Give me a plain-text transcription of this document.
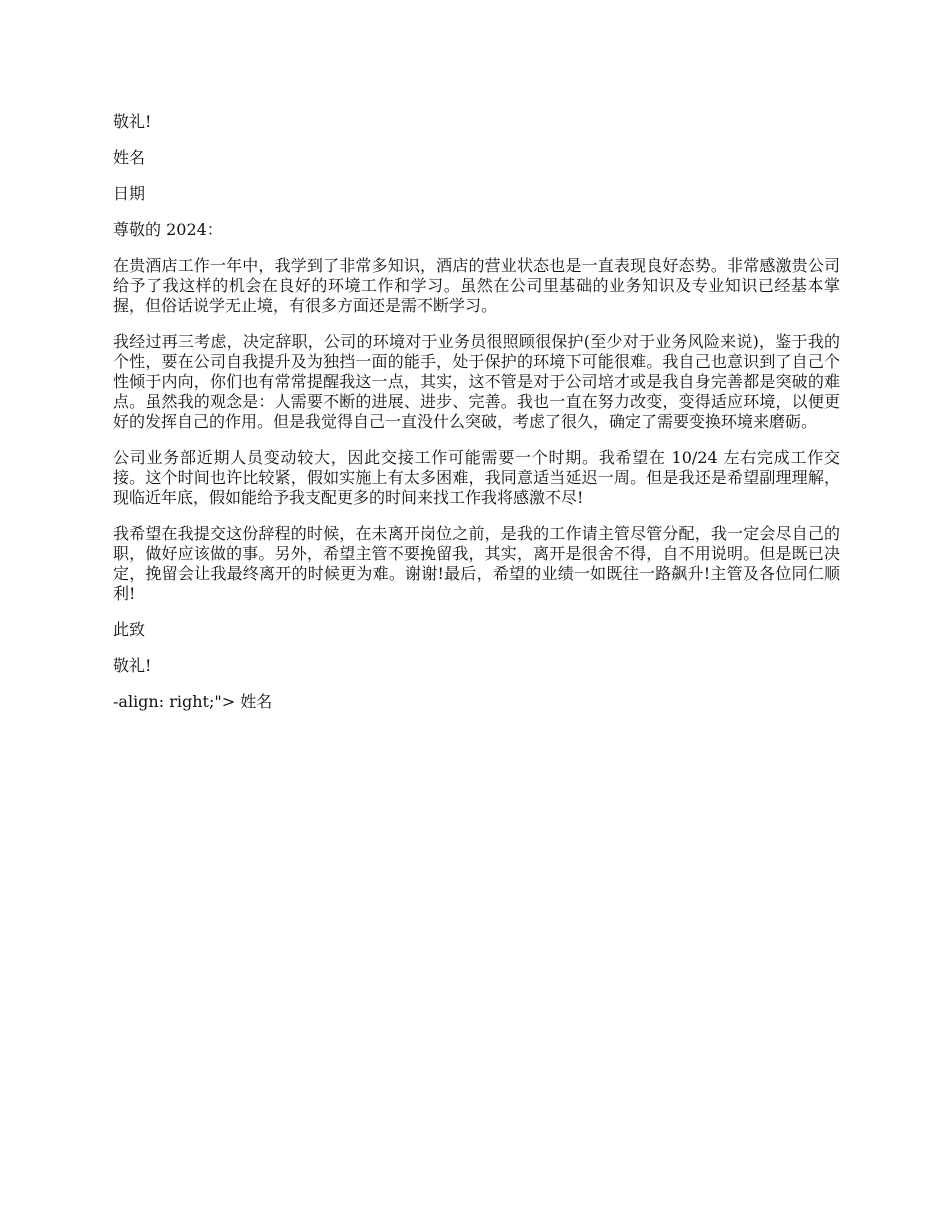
敬礼!

姓名

日期

尊敬的 2024：

在贵酒店工作一年中，我学到了非常多知识，酒店的营业状态也是一直表现良好态势。非常感激贵公司给予了我这样的机会在良好的环境工作和学习。虽然在公司里基础的业务知识及专业知识已经基本掌握，但俗话说学无止境，有很多方面还是需不断学习。

我经过再三考虑，决定辞职，公司的环境对于业务员很照顾很保护(至少对于业务风险来说)，鉴于我的个性，要在公司自我提升及为独挡一面的能手，处于保护的环境下可能很难。我自己也意识到了自己个性倾于内向，你们也有常常提醒我这一点，其实，这不管是对于公司培才或是我自身完善都是突破的难点。虽然我的观念是：人需要不断的进展、进步、完善。我也一直在努力改变，变得适应环境，以便更好的发挥自己的作用。但是我觉得自己一直没什么突破，考虑了很久，确定了需要变换环境来磨砺。

公司业务部近期人员变动较大，因此交接工作可能需要一个时期。我希望在 10/24 左右完成工作交接。这个时间也许比较紧，假如实施上有太多困难，我同意适当延迟一周。但是我还是希望副理理解，现临近年底，假如能给予我支配更多的时间来找工作我将感激不尽!

我希望在我提交这份辞程的时候，在未离开岗位之前，是我的工作请主管尽管分配，我一定会尽自己的职，做好应该做的事。另外，希望主管不要挽留我，其实，离开是很舍不得，自不用说明。但是既已决定，挽留会让我最终离开的时候更为难。谢谢!最后，希望的业绩一如既往一路飙升!主管及各位同仁顺利!

此致

敬礼!

-align: right;"> 姓名
